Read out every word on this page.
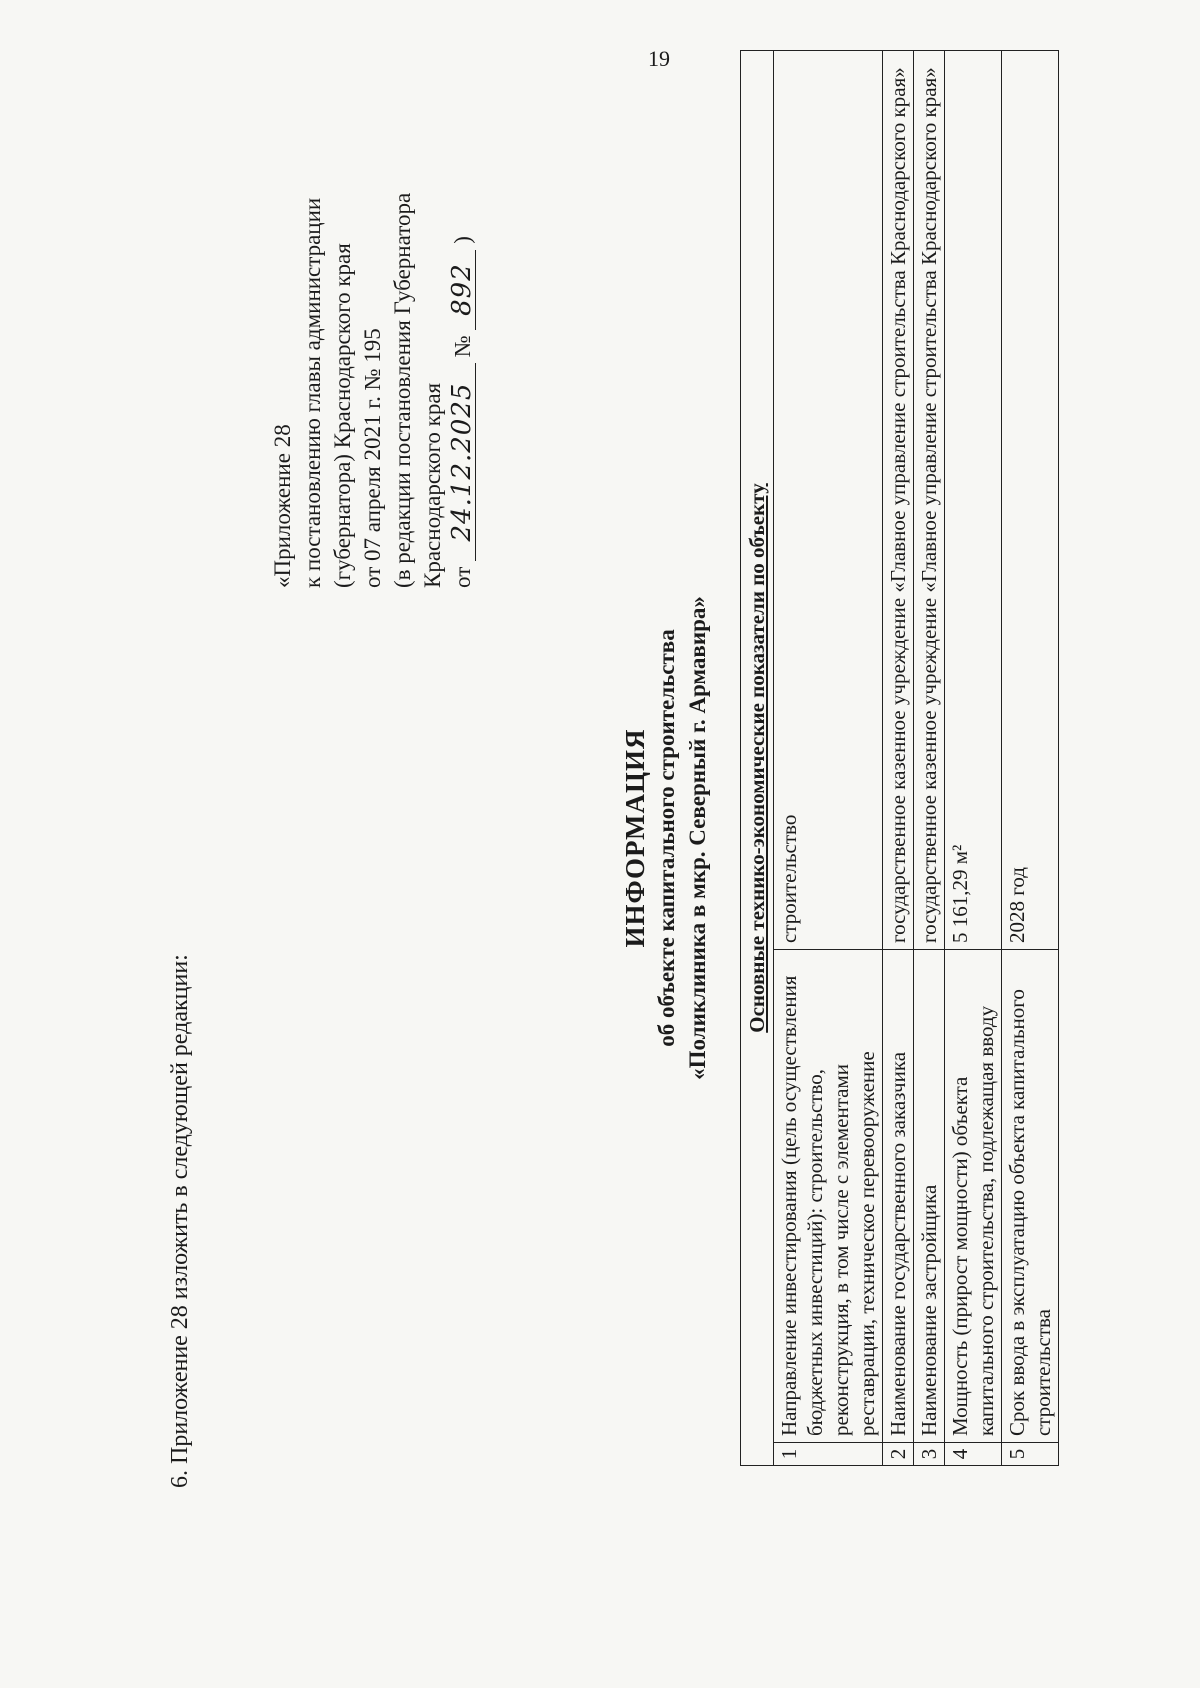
19
6. Приложение 28 изложить в следующей редакции:
«Приложение 28 к постановлению главы администрации (губернатора) Краснодарского края от 07 апреля 2021 г. № 195 (в редакции постановления Губернатора Краснодарского края от 24.12.2025 № 892 )
ИНФОРМАЦИЯ об объекте капитального строительства «Поликлиника в мкр. Северный г. Армавира» Основные технико-экономические показатели по объекту		
1	Направление инвестирования (цель осуществления бюджетных инвестиций): строительство, реконструкция, в том числе с элементами реставрации, техническое перевооружение	строительство
2	Наименование государственного заказчика	государственное казенное учреждение «Главное управление строительства Краснодарского края»
3	Наименование застройщика	государственное казенное учреждение «Главное управление строительства Краснодарского края»
4	Мощность (прирост мощности) объекта капитального строительства, подлежащая вводу	5 161,29 м²
5	Срок ввода в эксплуатацию объекта капитального строительства	2028 год
